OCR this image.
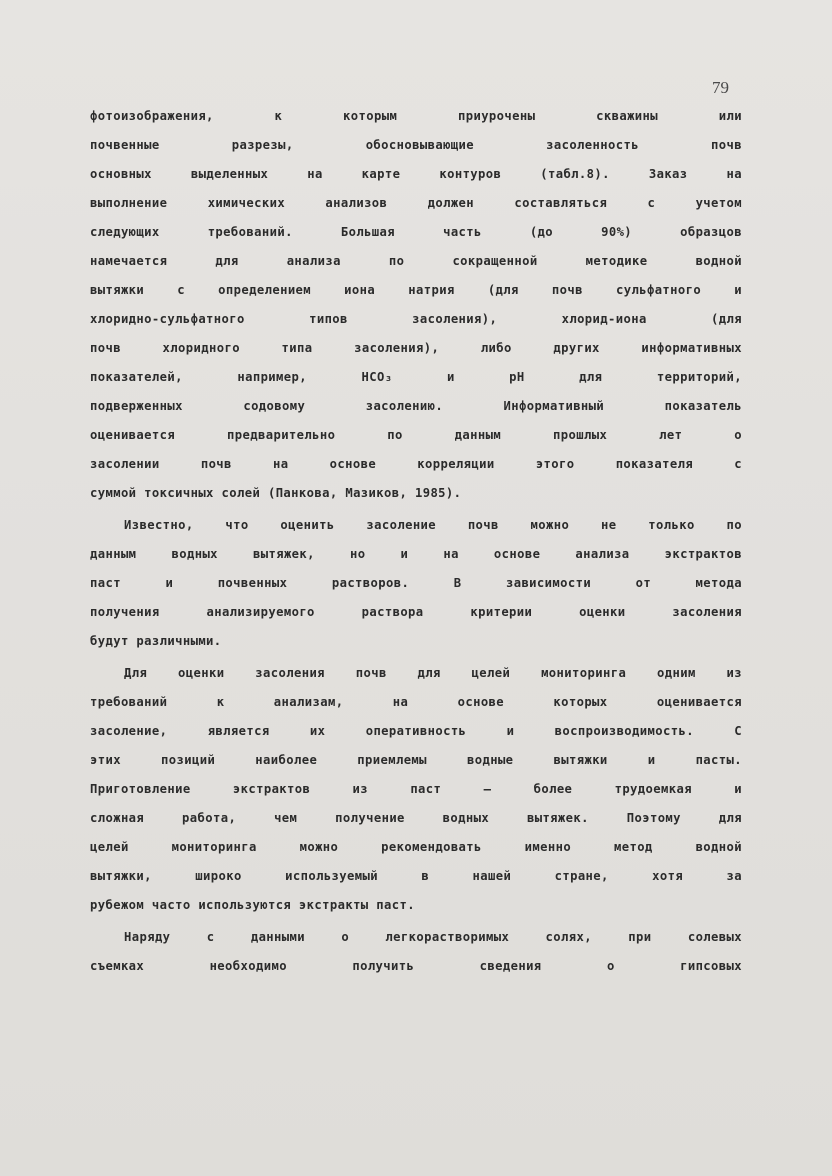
79
фотоизображения, к которым приурочены скважины или
почвенные разрезы, обосновывающие засоленность почв
основных выделенных на карте контуров (табл.8). Заказ на
выполнение химических анализов должен составляться с учетом
следующих требований. Большая часть (до 90%) образцов
намечается для анализа по сокращенной методике водной
вытяжки с определением иона натрия (для почв сульфатного и
хлоридно-сульфатного типов засоления), хлорид-иона (для
почв хлоридного типа засоления), либо других информативных
показателей, например, HCO₃ и pH для территорий,
подверженных содовому засолению. Информативный показатель
оценивается предварительно по данным прошлых лет о
засолении почв на основе корреляции этого показателя с
суммой токсичных солей (Панкова, Мазиков, 1985).
Известно, что оценить засоление почв можно не только по
данным водных вытяжек, но и на основе анализа экстрактов
паст и почвенных растворов. В зависимости от метода
получения анализируемого раствора критерии оценки засоления
будут различными.
Для оценки засоления почв для целей мониторинга одним из
требований к анализам, на основе которых оценивается
засоление, является их оперативность и воспроизводимость. С
этих позиций наиболее приемлемы водные вытяжки и пасты.
Приготовление экстрактов из паст — более трудоемкая и
сложная работа, чем получение водных вытяжек. Поэтому для
целей мониторинга можно рекомендовать именно метод водной
вытяжки, широко используемый в нашей стране, хотя за
рубежом часто используются экстракты паст.
Наряду с данными о легкорастворимых солях, при солевых
съемках необходимо получить сведения о гипсовых
